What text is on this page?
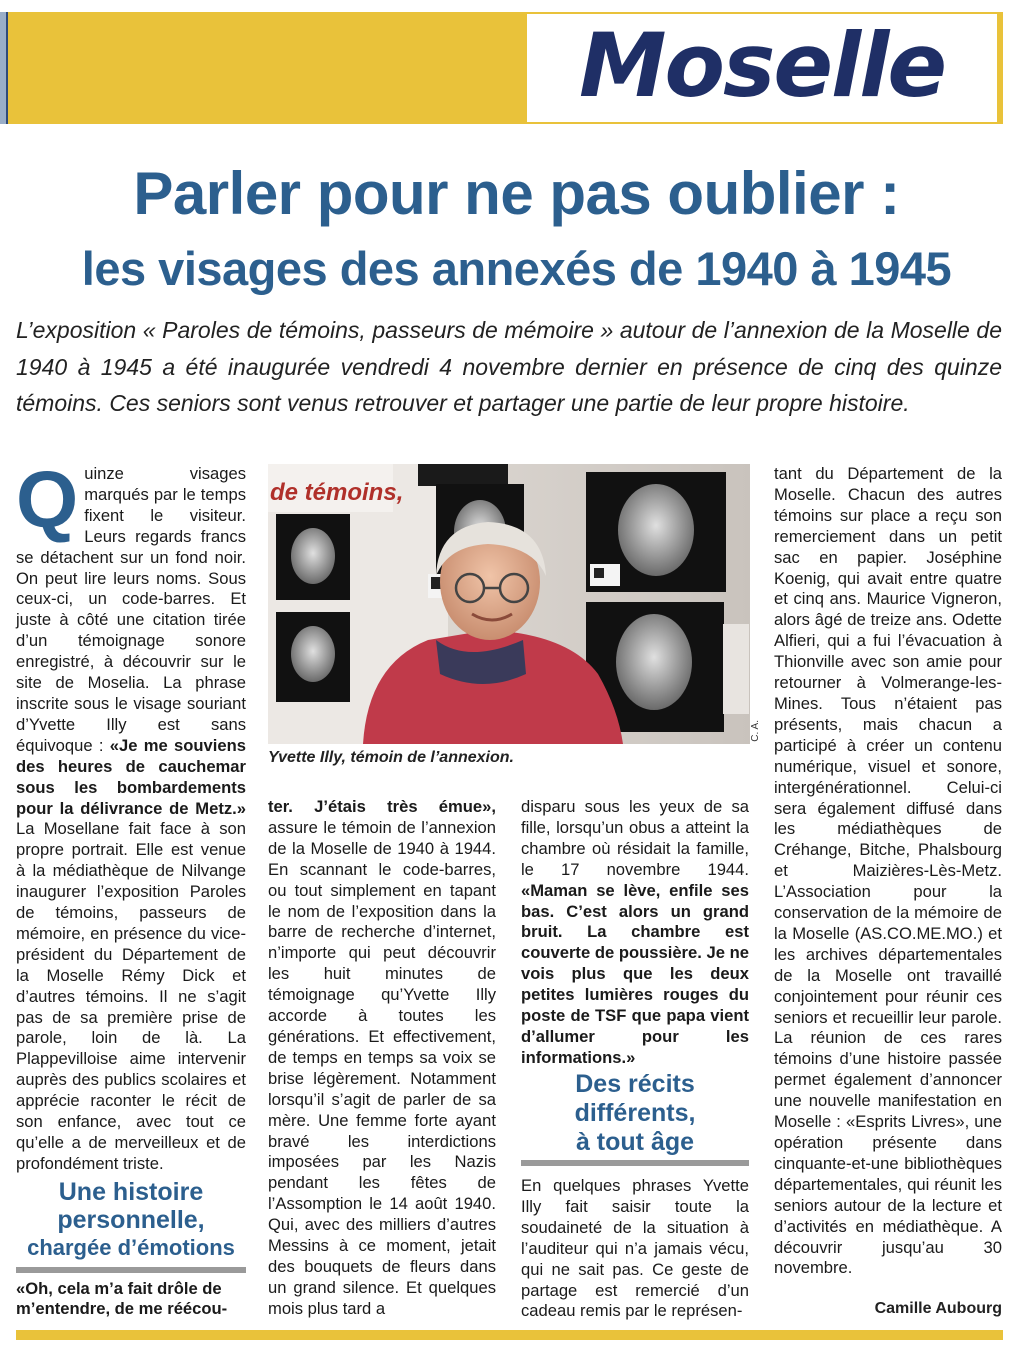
Moselle
Parler pour ne pas oublier :
les visages des annexés de 1940 à 1945

L’exposition « Paroles de témoins, passeurs de mémoire » autour de l’annexion de la Moselle de 1940 à 1945 a été inaugurée vendredi 4 novembre dernier en présence de cinq des quinze témoins. Ces seniors sont venus retrouver et partager une partie de leur propre histoire.

Quinze visages marqués par le temps fixent le visiteur. Leurs regards francs se détachent sur un fond noir. On peut lire leurs noms. Sous ceux-ci, un code-barres. Et juste à côté une citation tirée d’un témoignage sonore enregistré, à découvrir sur le site de Moselia. La phrase inscrite sous le visage souriant d’Yvette Illy est sans équivoque : «Je me souviens des heures de cauchemar sous les bombardements pour la délivrance de Metz.» La Mosellane fait face à son propre portrait. Elle est venue à la médiathèque de Nilvange inaugurer l’exposition Paroles de témoins, passeurs de mémoire, en présence du vice-président du Département de la Moselle Rémy Dick et d’autres témoins. Il ne s’agit pas de sa première prise de parole, loin de là. La Plappevilloise aime intervenir auprès des publics scolaires et apprécie raconter le récit de son enfance, avec tout ce qu’elle a de merveilleux et de profondément triste.

Une histoire
personnelle,
chargée d’émotions

«Oh, cela m’a fait drôle de m’entendre, de me réécou-

de témoins,
C. A.

Yvette Illy, témoin de l’annexion.

ter. J’étais très émue», assure le témoin de l’annexion de la Moselle de 1940 à 1944. En scannant le code-barres, ou tout simplement en tapant le nom de l’exposition dans la barre de recherche d’internet, n’importe qui peut découvrir les huit minutes de témoignage qu’Yvette Illy accorde à toutes les générations. Et effectivement, de temps en temps sa voix se brise légèrement. Notamment lorsqu’il s’agit de parler de sa mère. Une femme forte ayant bravé les interdictions imposées par les Nazis pendant les fêtes de l’Assomption le 14 août 1940. Qui, avec des milliers d’autres Messins à ce moment, jetait des bouquets de fleurs dans un grand silence. Et quelques mois plus tard a

disparu sous les yeux de sa fille, lorsqu’un obus a atteint la chambre où résidait la famille, le 17 novembre 1944. «Maman se lève, enfile ses bas. C’est alors un grand bruit. La chambre est couverte de poussière. Je ne vois plus que les deux petites lumières rouges du poste de TSF que papa vient d’allumer pour les informations.»

Des récits
différents,
à tout âge

En quelques phrases Yvette Illy fait saisir toute la soudaineté de la situation à l’auditeur qui n’a jamais vécu, qui ne sait pas. Ce geste de partage est remercié d’un cadeau remis par le représen-

tant du Département de la Moselle. Chacun des autres témoins sur place a reçu son remerciement dans un petit sac en papier. Joséphine Koenig, qui avait entre quatre et cinq ans. Maurice Vigneron, alors âgé de treize ans. Odette Alfieri, qui a fui l’évacuation à Thionville avec son amie pour retourner à Volmerange-les-Mines. Tous n’étaient pas présents, mais chacun a participé à créer un contenu numérique, visuel et sonore, intergénérationnel. Celui-ci sera également diffusé dans les médiathèques de Créhange, Bitche, Phalsbourg et Maizières-Lès-Metz. L’Association pour la conservation de la mémoire de la Moselle (AS.CO.ME.MO.) et les archives départementales de la Moselle ont travaillé conjointement pour réunir ces seniors et recueillir leur parole. La réunion de ces rares témoins d’une histoire passée permet également d’annoncer une nouvelle manifestation en Moselle : «Esprits Livres», une opération présente dans cinquante-et-une bibliothèques départementales, qui réunit les seniors autour de la lecture et d’activités en médiathèque. A découvrir jusqu’au 30 novembre.

Camille Aubourg
